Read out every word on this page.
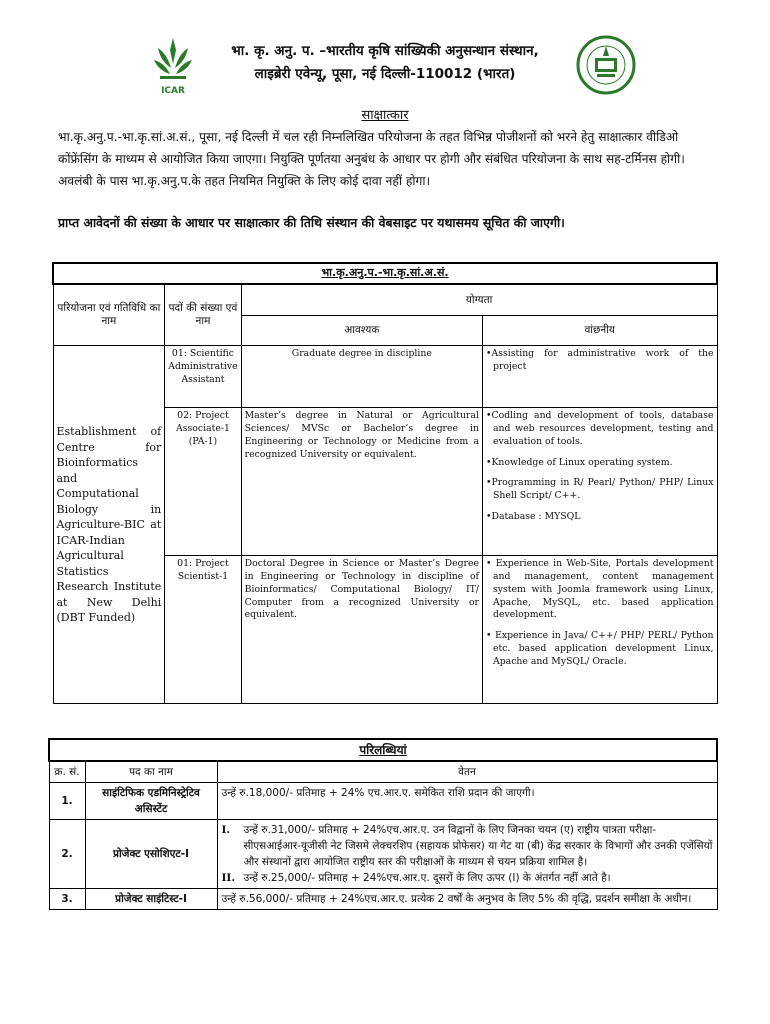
ICAR
भा. कृ. अनु. प. –भारतीय कृषि सांख्यिकी अनुसन्धान संस्थान,
लाइब्रेरी एवेन्यू, पूसा, नई दिल्ली-110012 (भारत)
साक्षात्कार
भा.कृ.अनु.प.-भा.कृ.सां.अ.सं., पूसा, नई दिल्ली में चल रही निम्नलिखित परियोजना के तहत विभिन्न पोजीशनों को भरने हेतु साक्षात्कार वीडिओ कोंफ्रेंसिंग के माध्यम से आयोजित किया जाएगा। नियुक्ति पूर्णतया अनुबंध के आधार पर होगी और संबंधित परियोजना के साथ सह-टर्मिनस होगी। अवलंबी के पास भा.कृ.अनु.प.के तहत नियमित नियुक्ति के लिए कोई दावा नहीं होगा।
प्राप्त आवेदनों की संख्या के आधार पर साक्षात्कार की तिथि संस्थान की वेबसाइट पर यथासमय सूचित की जाएगी।
भा.कृ.अनु.प.-भा.कृ.सां.अ.सं.			
परियोजना एवं गतिविधि का नाम	पदों की संख्या एवं नाम	योग्यता	
		आवश्यक	वांछनीय
Establishment of Centre for Bioinformatics and Computational Biology in Agriculture-BIC at ICAR-Indian Agricultural Statistics Research Institute at New Delhi (DBT Funded)	01: Scientific Administrative Assistant	Graduate degree in discipline	•Assisting for administrative work of the project

	02: Project Associate-1 (PA-1)	Master’s degree in Natural or Agricultural Sciences/ MVSc or Bachelor’s degree in Engineering or Technology or Medicine from a recognized University or equivalent.	•Codling and development of tools, database and web resources development, testing and evaluation of tools.

•Knowledge of Linux operating system.

•Programming in R/ Pearl/ Python/ PHP/ Linux Shell Script/ C++.

•Database : MYSQL

	01: Project Scientist-1	Doctoral Degree in Science or Master’s Degree in Engineering or Technology in discipline of Bioinformatics/ Computational Biology/ IT/ Computer from a recognized University or equivalent.	• Experience in Web-Site, Portals development and management, content management system with Joomla framework using Linux, Apache, MySQL, etc. based application development.

• Experience in Java/ C++/ PHP/ PERL/ Python etc. based application development Linux, Apache and MySQL/ Oracle.

परिलब्धियां		
क्र. सं.	पद का नाम	वेतन
1.	साइंटिफिक एडमिनिस्ट्रेटिव असिस्टेंट	उन्हें रु.18,000/- प्रतिमाह + 24% एच.आर.ए. समेकित राशि प्रदान की जाएगी।
2.	प्रोजेक्ट एसोशिएट-I	I. उन्हें रु.31,000/- प्रतिमाह + 24%एच.आर.ए. उन विद्वानों के लिए जिनका चयन (ए) राष्ट्रीय पात्रता परीक्षा-सीएसआईआर-यूजीसी नेट जिसमे लेक्चरशिप (सहायक प्रोफेसर) या गेट या (बी) केंद्र सरकार के विभागों और उनकी एजेंसियों और संस्थानों द्वारा आयोजित राष्ट्रीय स्तर की परीक्षाओं के माध्यम से चयन प्रक्रिया शामिल है।
II. उन्हें रु.25,000/- प्रतिमाह + 24%एच.आर.ए. दूसरों के लिए ऊपर (I) के अंतर्गत नहीं आते है।

3.	प्रोजेक्ट साइंटिस्ट-I	उन्हें रु.56,000/- प्रतिमाह + 24%एच.आर.ए. प्रत्येक 2 वर्षों के अनुभव के लिए 5% की वृद्धि, प्रदर्शन समीक्षा के अधीन।
